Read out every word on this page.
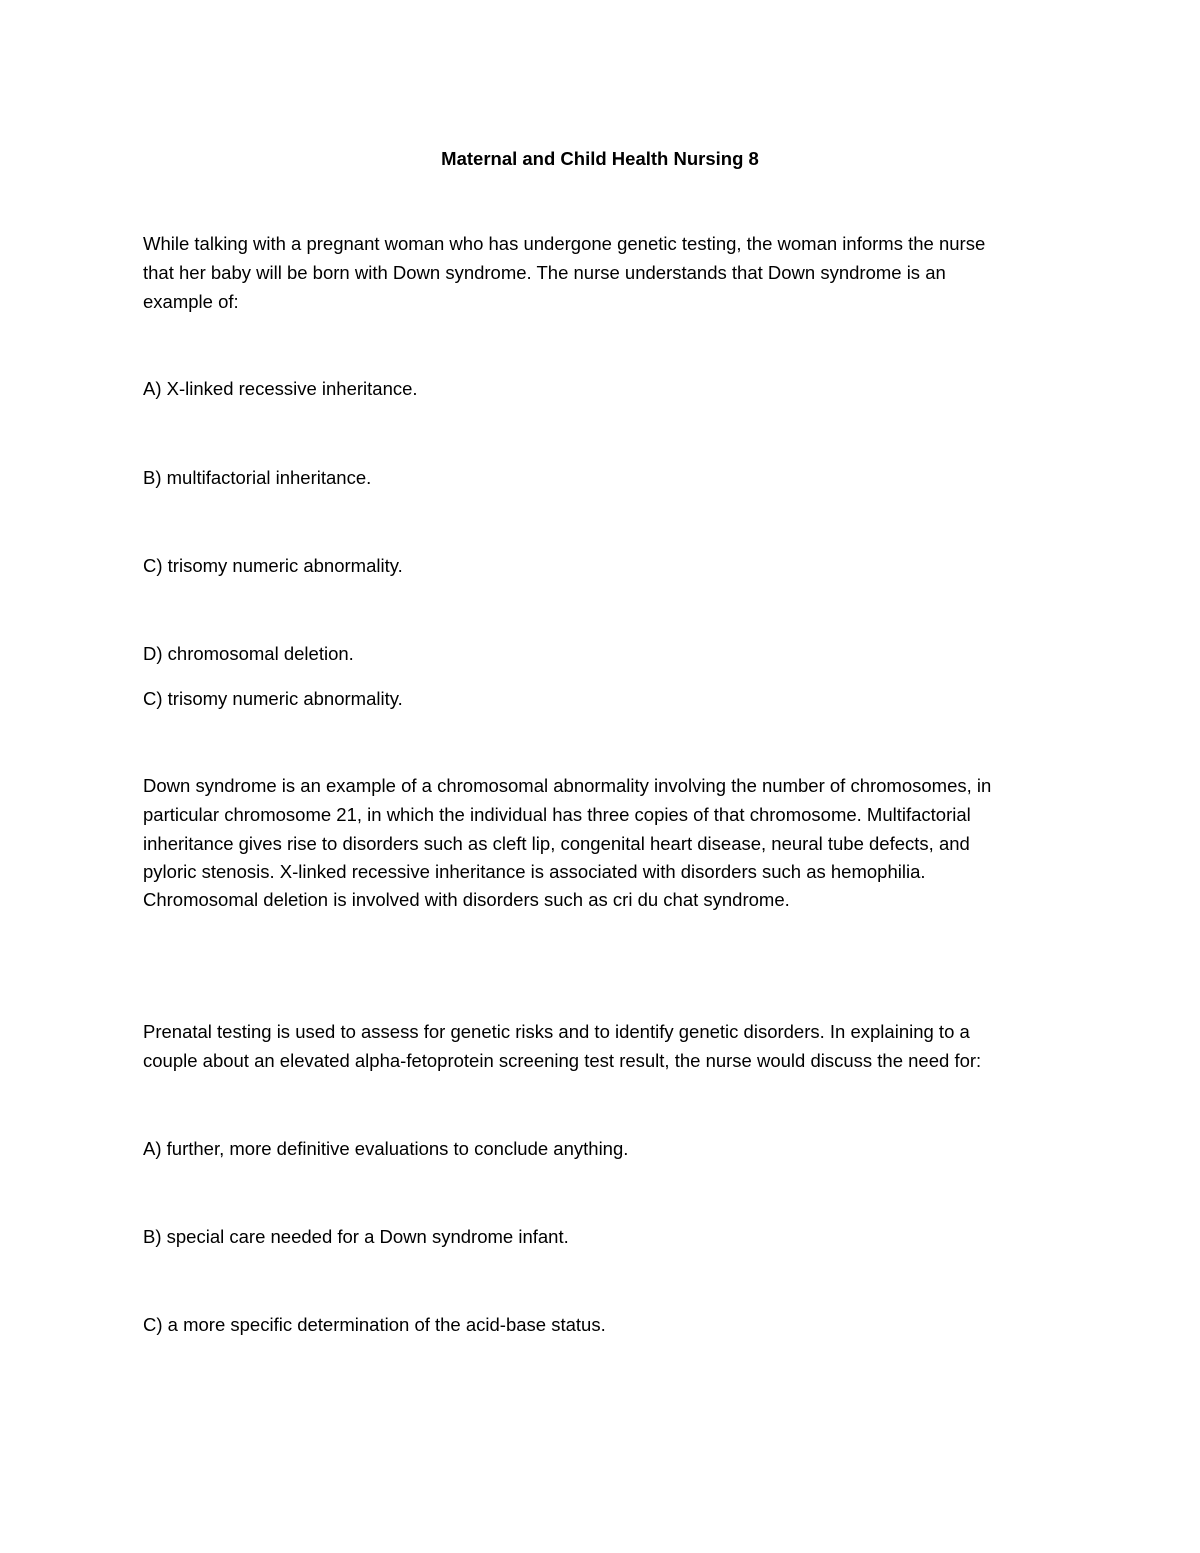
Maternal and Child Health Nursing 8
While talking with a pregnant woman who has undergone genetic testing, the woman informs the nurse
that her baby will be born with Down syndrome. The nurse understands that Down syndrome is an
example of:
A) X-linked recessive inheritance.
B) multifactorial inheritance.
C) trisomy numeric abnormality.
D) chromosomal deletion.
C) trisomy numeric abnormality.
Down syndrome is an example of a chromosomal abnormality involving the number of chromosomes, in
particular chromosome 21, in which the individual has three copies of that chromosome. Multifactorial
inheritance gives rise to disorders such as cleft lip, congenital heart disease, neural tube defects, and
pyloric stenosis. X-linked recessive inheritance is associated with disorders such as hemophilia.
Chromosomal deletion is involved with disorders such as cri du chat syndrome.
Prenatal testing is used to assess for genetic risks and to identify genetic disorders. In explaining to a
couple about an elevated alpha-fetoprotein screening test result, the nurse would discuss the need for:
A) further, more definitive evaluations to conclude anything.
B) special care needed for a Down syndrome infant.
C) a more specific determination of the acid-base status.
